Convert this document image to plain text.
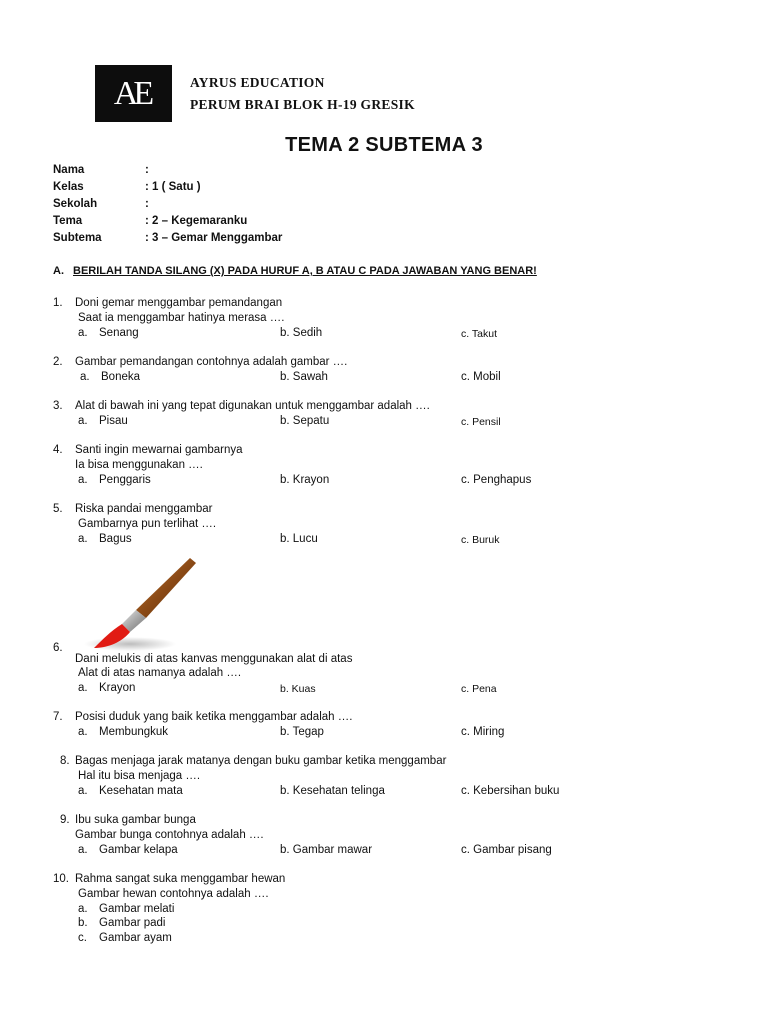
AE	AYRUS EDUCATION
PERUM BRAI BLOK H-19 GRESIK
TEMA 2 SUBTEMA 3
Nama	:
Kelas	: 1 ( Satu )
Sekolah	:
Tema	: 2 – Kegemaranku
Subtema	: 3 – Gemar Menggambar
A. BERILAH TANDA SILANG (X) PADA HURUF A, B ATAU C PADA JAWABAN YANG BENAR!
1. Doni gemar menggambar pemandangan
Saat ia menggambar hatinya merasa ….
a. Senang	b. Sedih	c. Takut
2. Gambar pemandangan contohnya adalah gambar ….
a. Boneka	b. Sawah	c. Mobil
3. Alat di bawah ini yang tepat digunakan untuk menggambar adalah ….
a. Pisau	b. Sepatu	c. Pensil
4. Santi ingin mewarnai gambarnya
Ia bisa menggunakan ….
a. Penggaris	b. Krayon	c. Penghapus
5. Riska pandai menggambar
Gambarnya pun terlihat ….
a. Bagus	b. Lucu	c. Buruk
6.
Dani melukis di atas kanvas menggunakan alat di atas
Alat di atas namanya adalah ….
a. Krayon	b. Kuas	c. Pena
7. Posisi duduk yang baik ketika menggambar adalah ….
a. Membungkuk	b. Tegap	c. Miring
8. Bagas menjaga jarak matanya dengan buku gambar ketika menggambar
Hal itu bisa menjaga ….
a. Kesehatan mata	b. Kesehatan telinga	c. Kebersihan buku
9. Ibu suka gambar bunga
Gambar bunga contohnya adalah ….
a. Gambar kelapa	b. Gambar mawar	c. Gambar pisang
10. Rahma sangat suka menggambar hewan
Gambar hewan contohnya adalah ….
a. Gambar melati
b. Gambar padi
c. Gambar ayam
